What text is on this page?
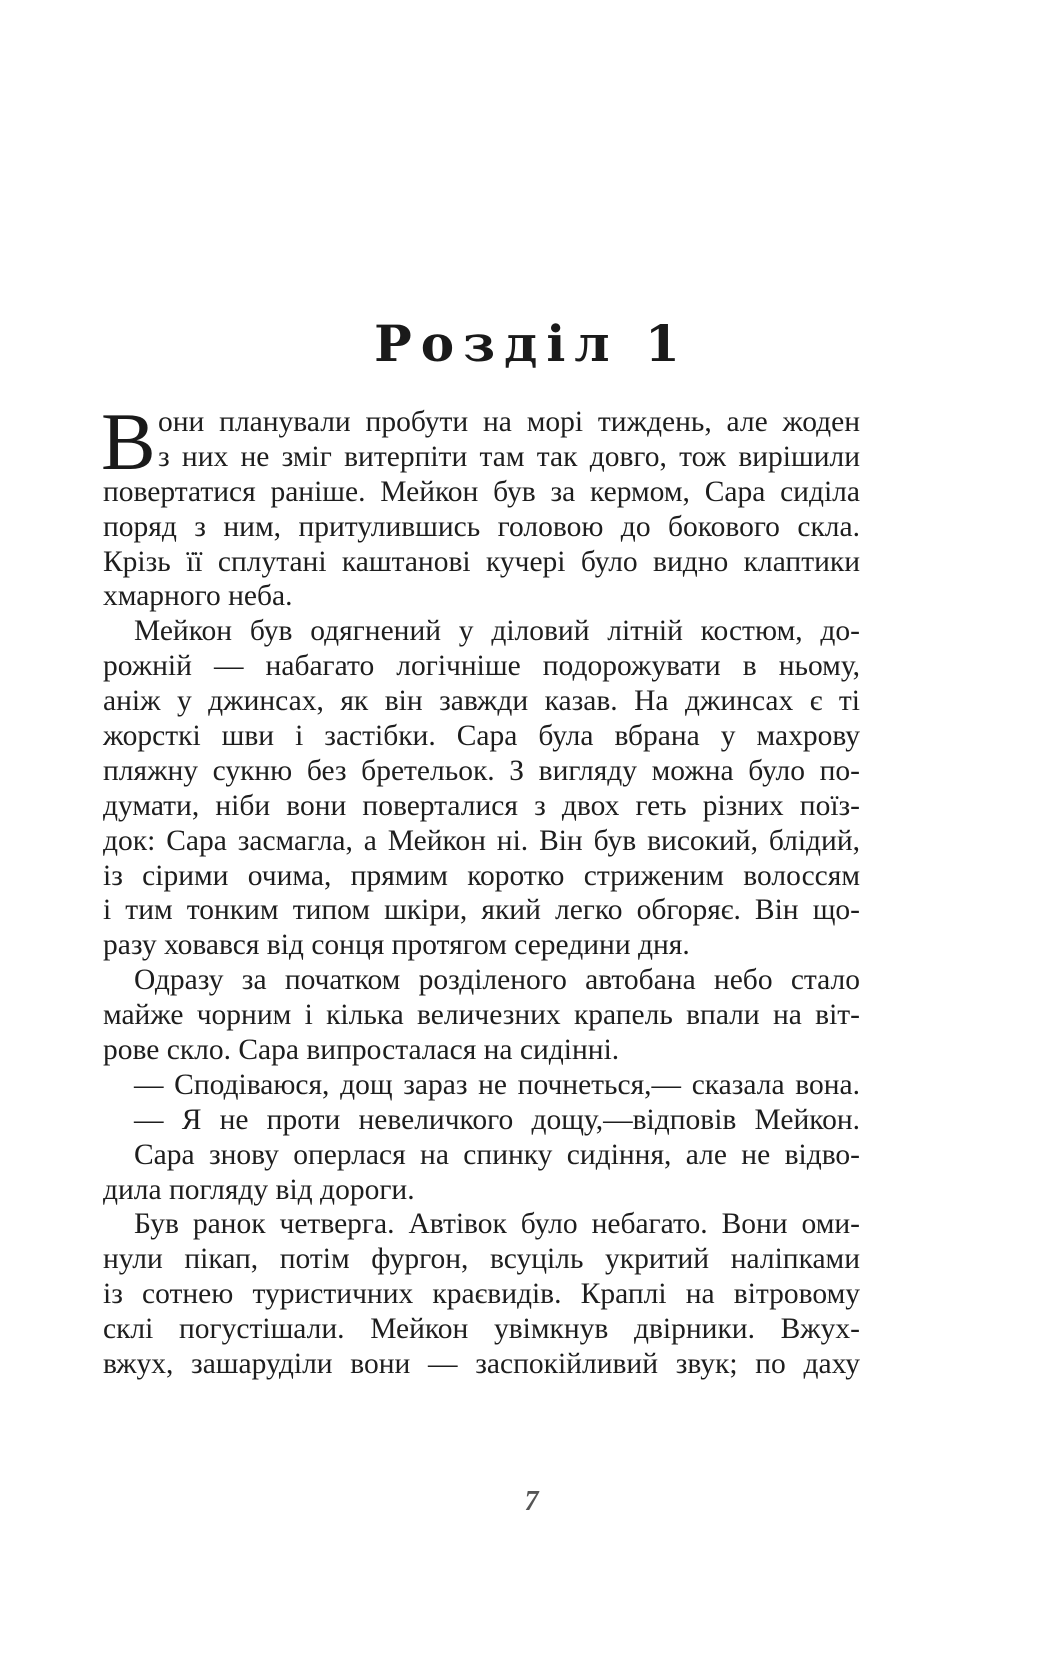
Розділ 1
В они планували пробути на морі тиждень, але жоден
з них не зміг витерпіти там так довго, тож вирішили
повертатися раніше. Мейкон був за кермом, Сара сиділа
поряд з ним, притулившись головою до бокового скла.
Крізь її сплутані каштанові кучері було видно клаптики
хмарного неба.
Мейкон був одягнений у діловий літній костюм, до-
рожній — набагато логічніше подорожувати в ньому,
аніж у джинсах, як він завжди казав. На джинсах є ті
жорсткі шви і застібки. Сара була вбрана у махрову
пляжну сукню без бретельок. З вигляду можна було по-
думати, ніби вони поверталися з двох геть різних поїз-
док: Сара засмагла, а Мейкон ні. Він був високий, блідий,
із сірими очима, прямим коротко стриженим волоссям
і тим тонким типом шкіри, який легко обгоряє. Він що-
разу ховався від сонця протягом середини дня.
Одразу за початком розділеного автобана небо стало
майже чорним і кілька величезних крапель впали на віт-
рове скло. Сара випросталася на сидінні.
— Сподіваюся, дощ зараз не почнеться,— сказала вона.
— Я не проти невеличкого дощу,—відповів Мейкон.
Сара знову оперлася на спинку сидіння, але не відво-
дила погляду від дороги.
Був ранок четверга. Автівок було небагато. Вони оми-
нули пікап, потім фургон, всуціль укритий наліпками
із сотнею туристичних краєвидів. Краплі на вітровому
склі погустішали. Мейкон увімкнув двірники. Вжух-
вжух, зашаруділи вони — заспокійливий звук; по даху
7
